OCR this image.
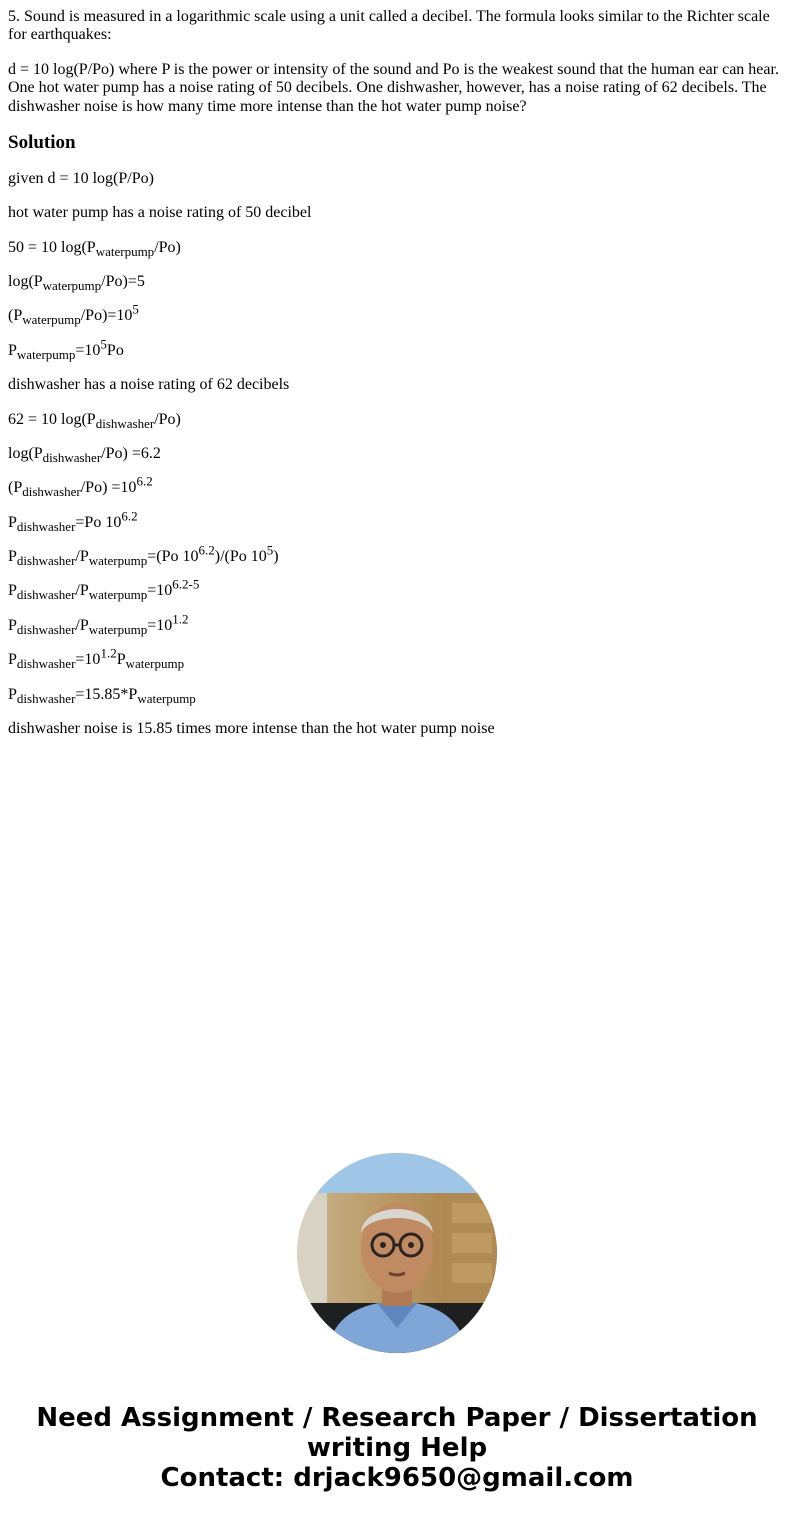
5. Sound is measured in a logarithmic scale using a unit called a decibel. The formula looks similar to the Richter scale for earthquakes:

d = 10 log(P/Po) where P is the power or intensity of the sound and Po is the weakest sound that the human ear can hear. One hot water pump has a noise rating of 50 decibels. One dishwasher, however, has a noise rating of 62 decibels. The dishwasher noise is how many time more intense than the hot water pump noise?

Solution

given d = 10 log(P/Po)

hot water pump has a noise rating of 50 decibel

50 = 10 $\log(P_{waterpump}/Po)$

$\log(P_{waterpump}/Po)=5$

$(P_{waterpump}/Po)=10^5$

$P_{waterpump}=10^5Po$

dishwasher has a noise rating of 62 decibels

62 = 10 $\log(P_{dishwasher}/Po)$

$\log(P_{dishwasher}/Po) =6.2$

$(P_{dishwasher}/Po) =10^{6.2}$

$P_{dishwasher}=Po$ $10^{6.2}$

$P_{dishwasher}/P_{waterpump}=(Po$ $10^{6.2})/(Po$ $10^5$)

$P_{dishwasher}/P_{waterpump}=10^{6.2-5}$

$P_{dishwasher}/P_{waterpump}=10^{1.2}$

$P_{dishwasher}=10^{1.2}P_{waterpump}$

$P_{dishwasher}=15.85*P_{waterpump}$

dishwasher noise is 15.85 times more intense than the hot water pump noise

Need Assignment / Research Paper / Dissertation
writing Help
Contact: drjack9650@gmail.com
